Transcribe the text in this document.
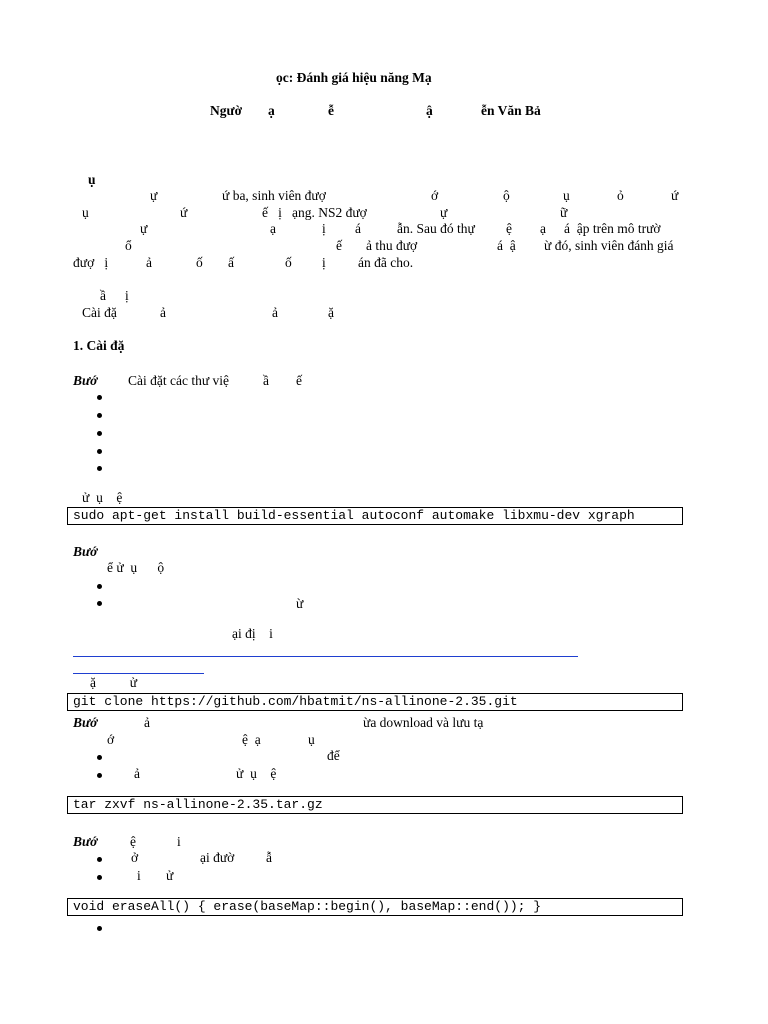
ọc: Đánh giá hiệu năng Mạ
Ngườ ạ	ễ	ậ	ễn Văn Bả
ụ
ự	ứ ba, sinh viên đượ	ớ	ộ	ụ	ỏ	ứ
ụ	ứ	ế   ị   ạng. NS2 đượ	ự	ữ
ự	ạ	ị á	ẫn. Sau đó thự ệ ạ á  ập trên mô trườ
ổ	ế ả thu đượ	á  ậ ừ đó, sinh viên đánh giá
đượ   ị	ả	ố ấ	ố ị án đã cho.
ầ ị
Cài đặ	ả	ả	ặ
1. Cài đặ
Bướ Cài đặt các thư việ	ầ ế
ử  ụ    ệ
sudo apt-get install build-essential autoconf automake libxmu-dev xgraph
Bướ
ể ử  ụ      ộ
ừ
ại đị    i
ặ          ử
git clone https://github.com/hbatmit/ns-allinone-2.35.git
Bướ	ả	ừa download và lưu tạ
ớ	ệ  ạ	ụ
để
ả	ử  ụ    ệ
tar zxvf ns-allinone-2.35.tar.gz
Bướ ệ	i
ở	ại đườ ẫ
i ử
void eraseAll() { erase(baseMap::begin(), baseMap::end()); }
